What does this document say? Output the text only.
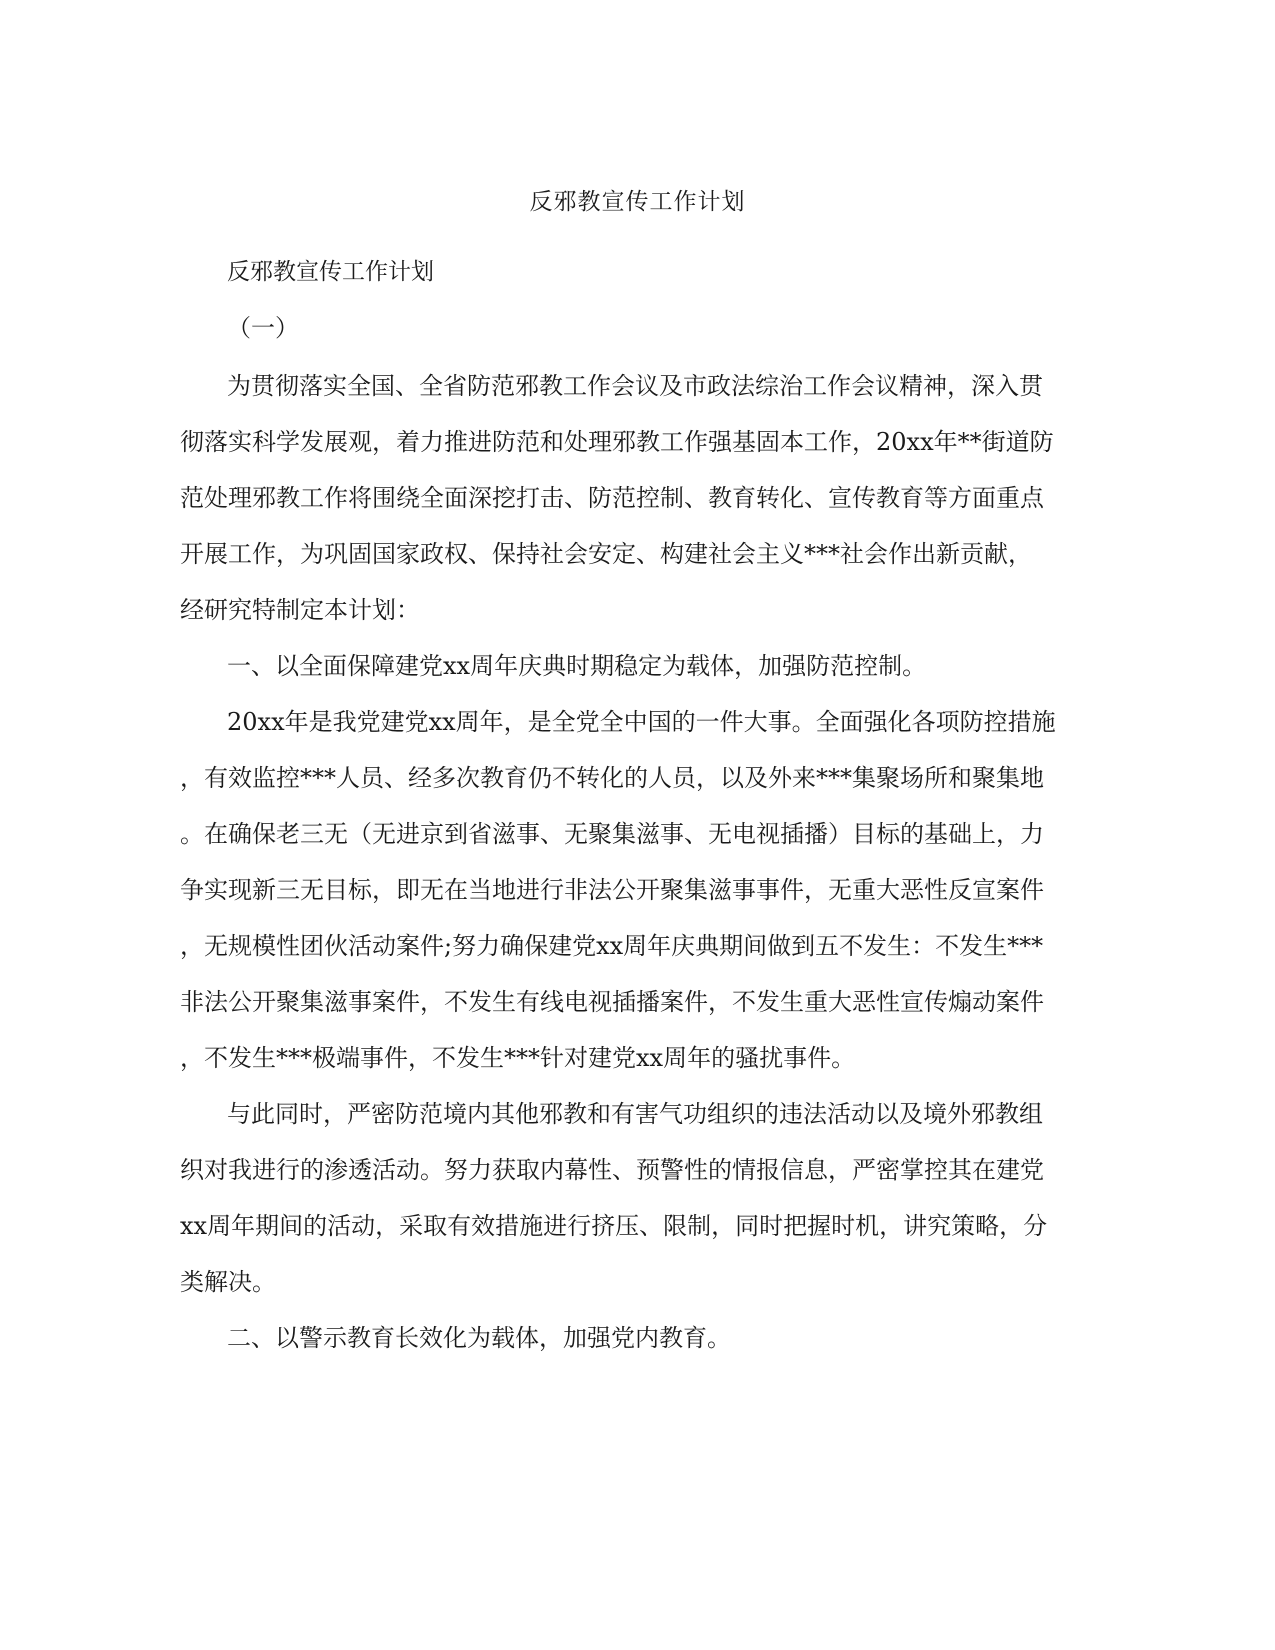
反邪教宣传工作计划
反邪教宣传工作计划
（一）
为贯彻落实全国、全省防范邪教工作会议及市政法综治工作会议精神，深入贯
彻落实科学发展观，着力推进防范和处理邪教工作强基固本工作，20xx年**街道防
范处理邪教工作将围绕全面深挖打击、防范控制、教育转化、宣传教育等方面重点
开展工作，为巩固国家政权、保持社会安定、构建社会主义***社会作出新贡献，
经研究特制定本计划：
一、以全面保障建党xx周年庆典时期稳定为载体，加强防范控制。
20xx年是我党建党xx周年，是全党全中国的一件大事。全面强化各项防控措施
，有效监控***人员、经多次教育仍不转化的人员，以及外来***集聚场所和聚集地
。在确保老三无（无进京到省滋事、无聚集滋事、无电视插播）目标的基础上，力
争实现新三无目标，即无在当地进行非法公开聚集滋事事件，无重大恶性反宣案件
，无规模性团伙活动案件;努力确保建党xx周年庆典期间做到五不发生：不发生***
非法公开聚集滋事案件，不发生有线电视插播案件，不发生重大恶性宣传煽动案件
，不发生***极端事件，不发生***针对建党xx周年的骚扰事件。
与此同时，严密防范境内其他邪教和有害气功组织的违法活动以及境外邪教组
织对我进行的渗透活动。努力获取内幕性、预警性的情报信息，严密掌控其在建党
xx周年期间的活动，采取有效措施进行挤压、限制，同时把握时机，讲究策略，分
类解决。
二、以警示教育长效化为载体，加强党内教育。
